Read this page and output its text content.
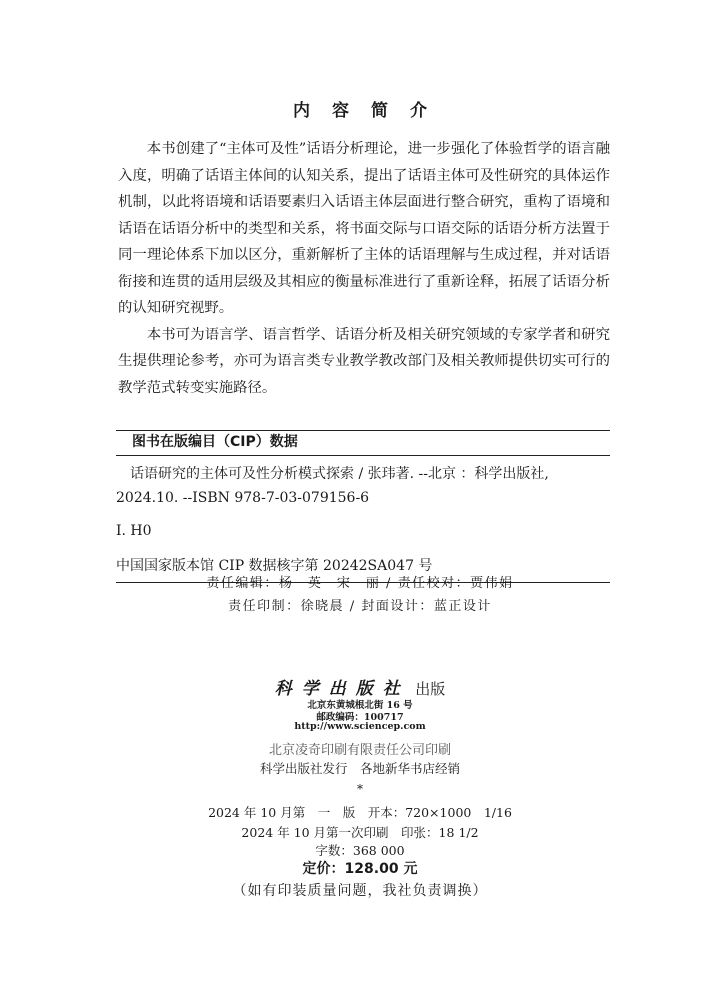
内容简介

本书创建了“主体可及性”话语分析理论，进一步强化了体验哲学的语言融入度，明确了话语主体间的认知关系，提出了话语主体可及性研究的具体运作机制，以此将语境和话语要素归入话语主体层面进行整合研究，重构了语境和话语在话语分析中的类型和关系，将书面交际与口语交际的话语分析方法置于同一理论体系下加以区分，重新解析了主体的话语理解与生成过程，并对话语衔接和连贯的适用层级及其相应的衡量标准进行了重新诠释，拓展了话语分析的认知研究视野。

本书可为语言学、语言哲学、话语分析及相关研究领域的专家学者和研究生提供理论参考，亦可为语言类专业教学教改部门及相关教师提供切实可行的教学范式转变实施路径。

图书在版编目（CIP）数据
话语研究的主体可及性分析模式探索 / 张玮著. --北京 ：科学出版社,
2024.10. --ISBN 978-7-03-079156-6
Ⅰ. H0
中国国家版本馆 CIP 数据核字第 20242SA047 号
责任编辑：杨　英　宋　丽 / 责任校对：贾伟娟
责任印制：徐晓晨 / 封面设计：蓝正设计
科学出版社 出版
北京东黄城根北街 16 号
邮政编码：100717
http://www.sciencep.com
北京凌奇印刷有限责任公司印刷
科学出版社发行　各地新华书店经销
*
2024 年 10 月第　一　版　开本：720×1000　1/16
2024 年 10 月第一次印刷　印张：18 1/2
字数：368 000
定价：128.00 元
（如有印装质量问题，我社负责调换）
